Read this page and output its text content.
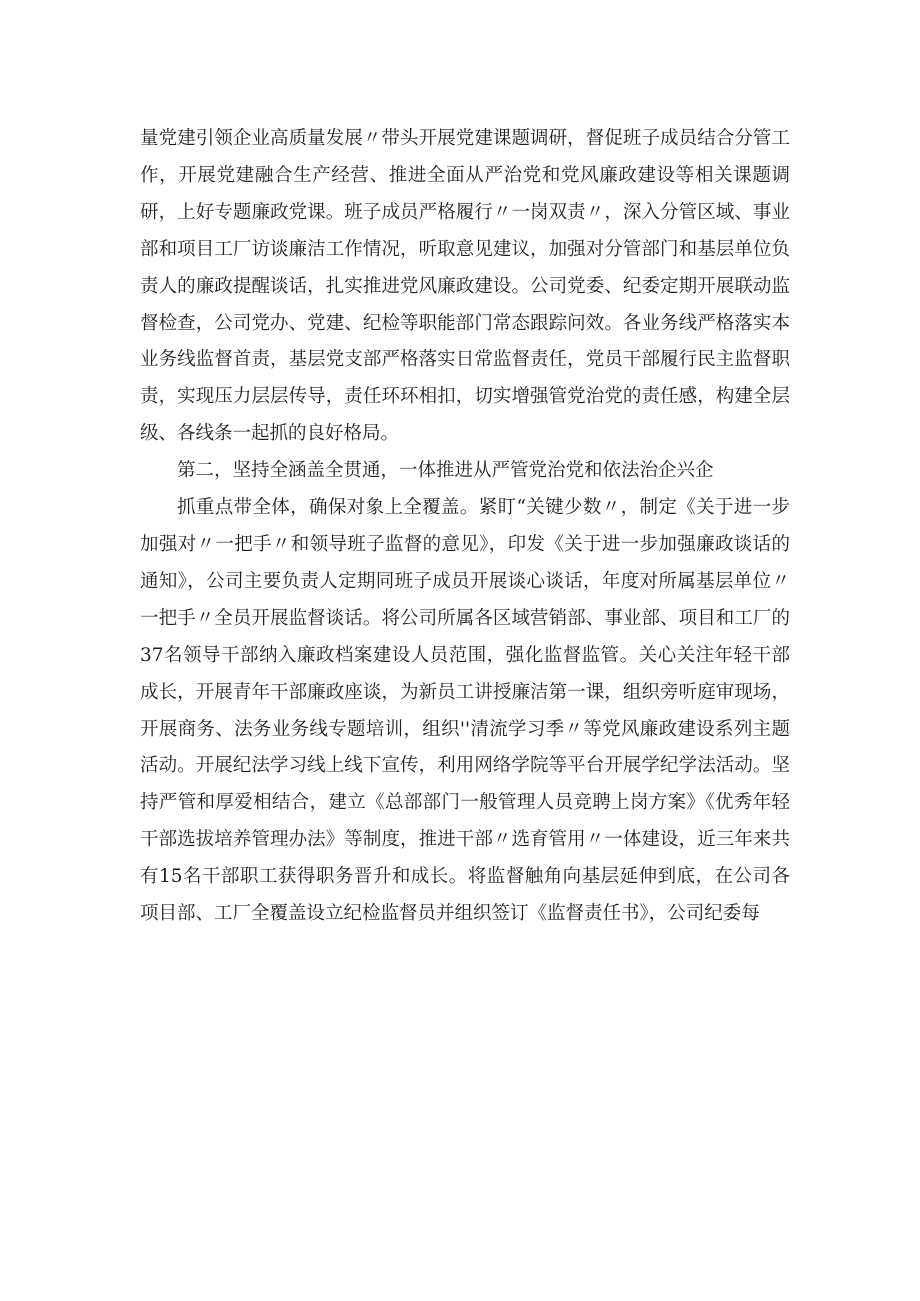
量党建引领企业高质量发展〃带头开展党建课题调研，督促班子成员结合分管工作，开展党建融合生产经营、推进全面从严治党和党风廉政建设等相关课题调研，上好专题廉政党课。班子成员严格履行〃一岗双责〃，深入分管区域、事业部和项目工厂访谈廉洁工作情况，听取意见建议，加强对分管部门和基层单位负责人的廉政提醒谈话，扎实推进党风廉政建设。公司党委、纪委定期开展联动监督检查，公司党办、党建、纪检等职能部门常态跟踪问效。各业务线严格落实本业务线监督首责，基层党支部严格落实日常监督责任，党员干部履行民主监督职责，实现压力层层传导，责任环环相扣，切实增强管党治党的责任感，构建全层级、各线条一起抓的良好格局。

第二，坚持全涵盖全贯通，一体推进从严管党治党和依法治企兴企

抓重点带全体，确保对象上全覆盖。紧盯“关键少数〃，制定《关于进一步加强对〃一把手〃和领导班子监督的意见》，印发《关于进一步加强廉政谈话的通知》，公司主要负责人定期同班子成员开展谈心谈话，年度对所属基层单位〃一把手〃全员开展监督谈话。将公司所属各区域营销部、事业部、项目和工厂的37名领导干部纳入廉政档案建设人员范围，强化监督监管。关心关注年轻干部成长，开展青年干部廉政座谈，为新员工讲授廉洁第一课，组织旁听庭审现场，开展商务、法务业务线专题培训，组织''清流学习季〃等党风廉政建设系列主题活动。开展纪法学习线上线下宣传，利用网络学院等平台开展学纪学法活动。坚持严管和厚爱相结合，建立《总部部门一般管理人员竞聘上岗方案》《优秀年轻干部选拔培养管理办法》等制度，推进干部〃选育管用〃一体建设，近三年来共有15名干部职工获得职务晋升和成长。将监督触角向基层延伸到底，在公司各项目部、工厂全覆盖设立纪检监督员并组织签订《监督责任书》，公司纪委每
